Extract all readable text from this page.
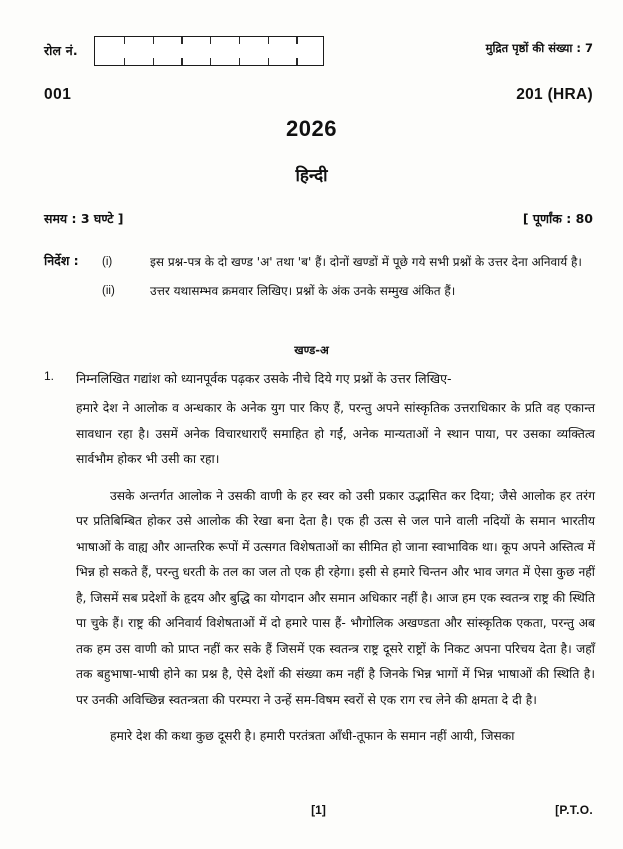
रोल नं.	मुद्रित पृष्ठों की संख्या : 7
001	201 (HRA)
2026
हिन्दी
समय : 3 घण्टे ]	[ पूर्णांक : 80
निर्देश : (i)	इस प्रश्न-पत्र के दो खण्ड 'अ' तथा 'ब' हैं। दोनों खण्डों में पूछे गये सभी प्रश्नों के उत्तर देना अनिवार्य है।
(ii)	उत्तर यथासम्भव क्रमवार लिखिए। प्रश्नों के अंक उनके सम्मुख अंकित हैं।
खण्ड-अ
1. निम्नलिखित गद्यांश को ध्यानपूर्वक पढ़कर उसके नीचे दिये गए प्रश्नों के उत्तर लिखिए-

हमारे देश ने आलोक व अन्धकार के अनेक युग पार किए हैं, परन्तु अपने सांस्कृतिक उत्तराधिकार के प्रति वह एकान्त सावधान रहा है। उसमें अनेक विचारधाराएँ समाहित हो गईं, अनेक मान्यताओं ने स्थान पाया, पर उसका व्यक्तित्व सार्वभौम होकर भी उसी का रहा।

उसके अन्तर्गत आलोक ने उसकी वाणी के हर स्वर को उसी प्रकार उद्भासित कर दिया; जैसे आलोक हर तरंग पर प्रतिबिम्बित होकर उसे आलोक की रेखा बना देता है। एक ही उत्स से जल पाने वाली नदियों के समान भारतीय भाषाओं के वाह्य और आन्तरिक रूपों में उत्सगत विशेषताओं का सीमित हो जाना स्वाभाविक था। कूप अपने अस्तित्व में भिन्न हो सकते हैं, परन्तु धरती के तल का जल तो एक ही रहेगा। इसी से हमारे चिन्तन और भाव जगत में ऐसा कुछ नहीं है, जिसमें सब प्रदेशों के हृदय और बुद्धि का योगदान और समान अधिकार नहीं है। आज हम एक स्वतन्त्र राष्ट्र की स्थिति पा चुके हैं। राष्ट्र की अनिवार्य विशेषताओं में दो हमारे पास हैं- भौगोलिक अखण्डता और सांस्कृतिक एकता, परन्तु अब तक हम उस वाणी को प्राप्त नहीं कर सके हैं जिसमें एक स्वतन्त्र राष्ट्र दूसरे राष्ट्रों के निकट अपना परिचय देता है। जहाँ तक बहुभाषा-भाषी होने का प्रश्न है, ऐसे देशों की संख्या कम नहीं है जिनके भिन्न भागों में भिन्न भाषाओं की स्थिति है। पर उनकी अविच्छिन्न स्वतन्त्रता की परम्परा ने उन्हें सम-विषम स्वरों से एक राग रच लेने की क्षमता दे दी है।

हमारे देश की कथा कुछ दूसरी है। हमारी परतंत्रता आँधी-तूफान के समान नहीं आयी, जिसका

[1]	[P.T.O.
